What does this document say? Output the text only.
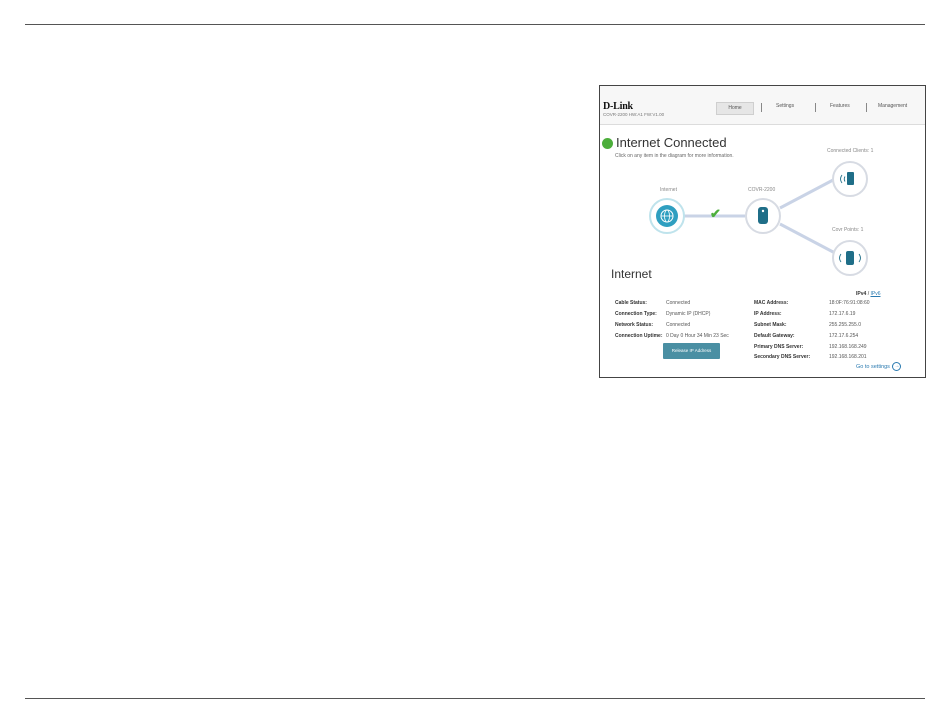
D-Link
COVR-2200 HW:A1 FW:V1.00
Home	Settings	Features	Management
Internet Connected
Click on any item in the diagram for more information.
Internet	COVR-2200
Connected Clients: 1
Covr Points: 1
✔
Internet
IPv4 / IPv6
Cable Status:	Connected
Connection Type: Dynamic IP (DHCP)
Network Status:	Connected
Connection Uptime: 0 Day 0 Hour 34 Min 23 Sec
MAC Address:	18:0F:76:91:08:60
IP Address:	172.17.6.19
Subnet Mask:	255.255.255.0
Default Gateway:	172.17.6.254
Primary DNS Server:	192.168.168.249
Secondary DNS Server:	192.168.168.201
Release IP Address
Go to settings →
